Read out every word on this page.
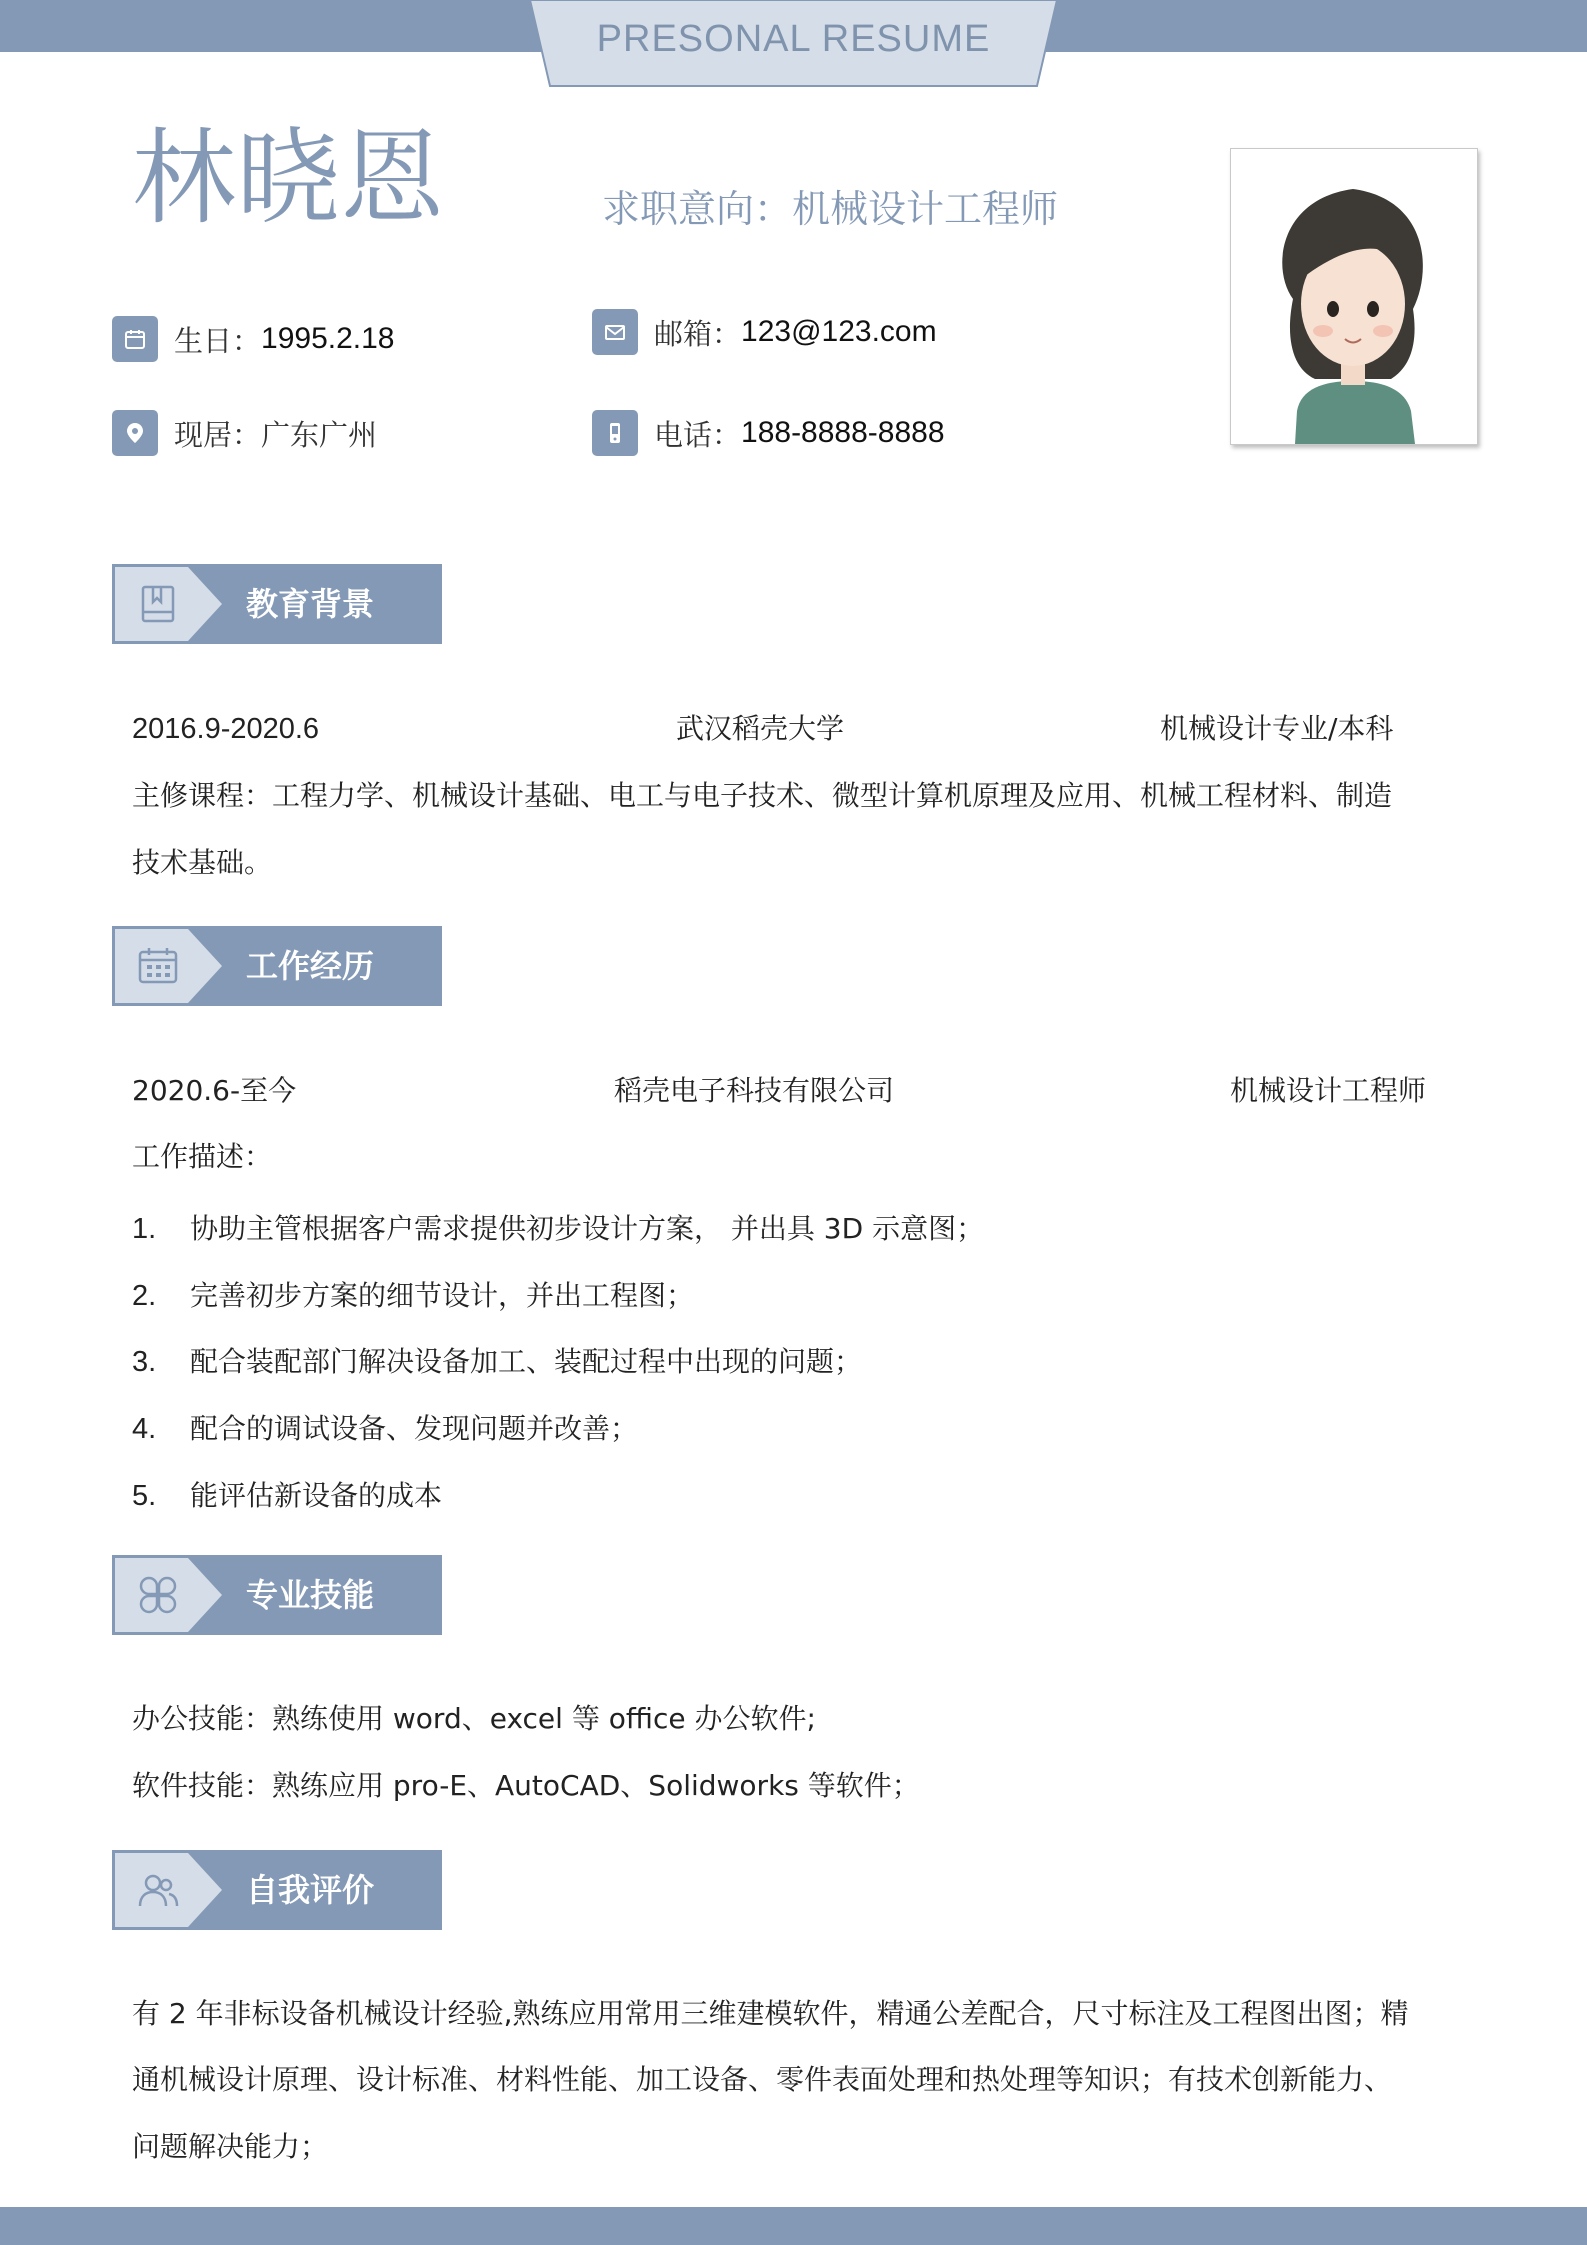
PRESONAL RESUME
林晓恩	求职意向：机械设计工程师
生日： 1995.2.18	邮箱： 123@123.com
现居： 广东广州	电话： 188-8888-8888
教育背景
2016.9-2020.6	武汉稻壳大学	机械设计专业/本科
主修课程：工程力学、机械设计基础、电工与电子技术、微型计算机原理及应用、机械工程材料、制造
技术基础。
工作经历
2020.6-至今	稻壳电子科技有限公司	机械设计工程师
工作描述：
1. 协助主管根据客户需求提供初步设计方案， 并出具 3D 示意图；
2. 完善初步方案的细节设计，并出工程图；
3. 配合装配部门解决设备加工、装配过程中出现的问题；
4. 配合的调试设备、发现问题并改善；
5. 能评估新设备的成本
专业技能
办公技能：熟练使用 word、excel 等 office 办公软件;
软件技能：熟练应用 pro-E、AutoCAD、Solidworks 等软件；
自我评价
有 2 年非标设备机械设计经验,熟练应用常用三维建模软件，精通公差配合，尺寸标注及工程图出图；精
通机械设计原理、设计标准、材料性能、加工设备、零件表面处理和热处理等知识；有技术创新能力、
问题解决能力；
